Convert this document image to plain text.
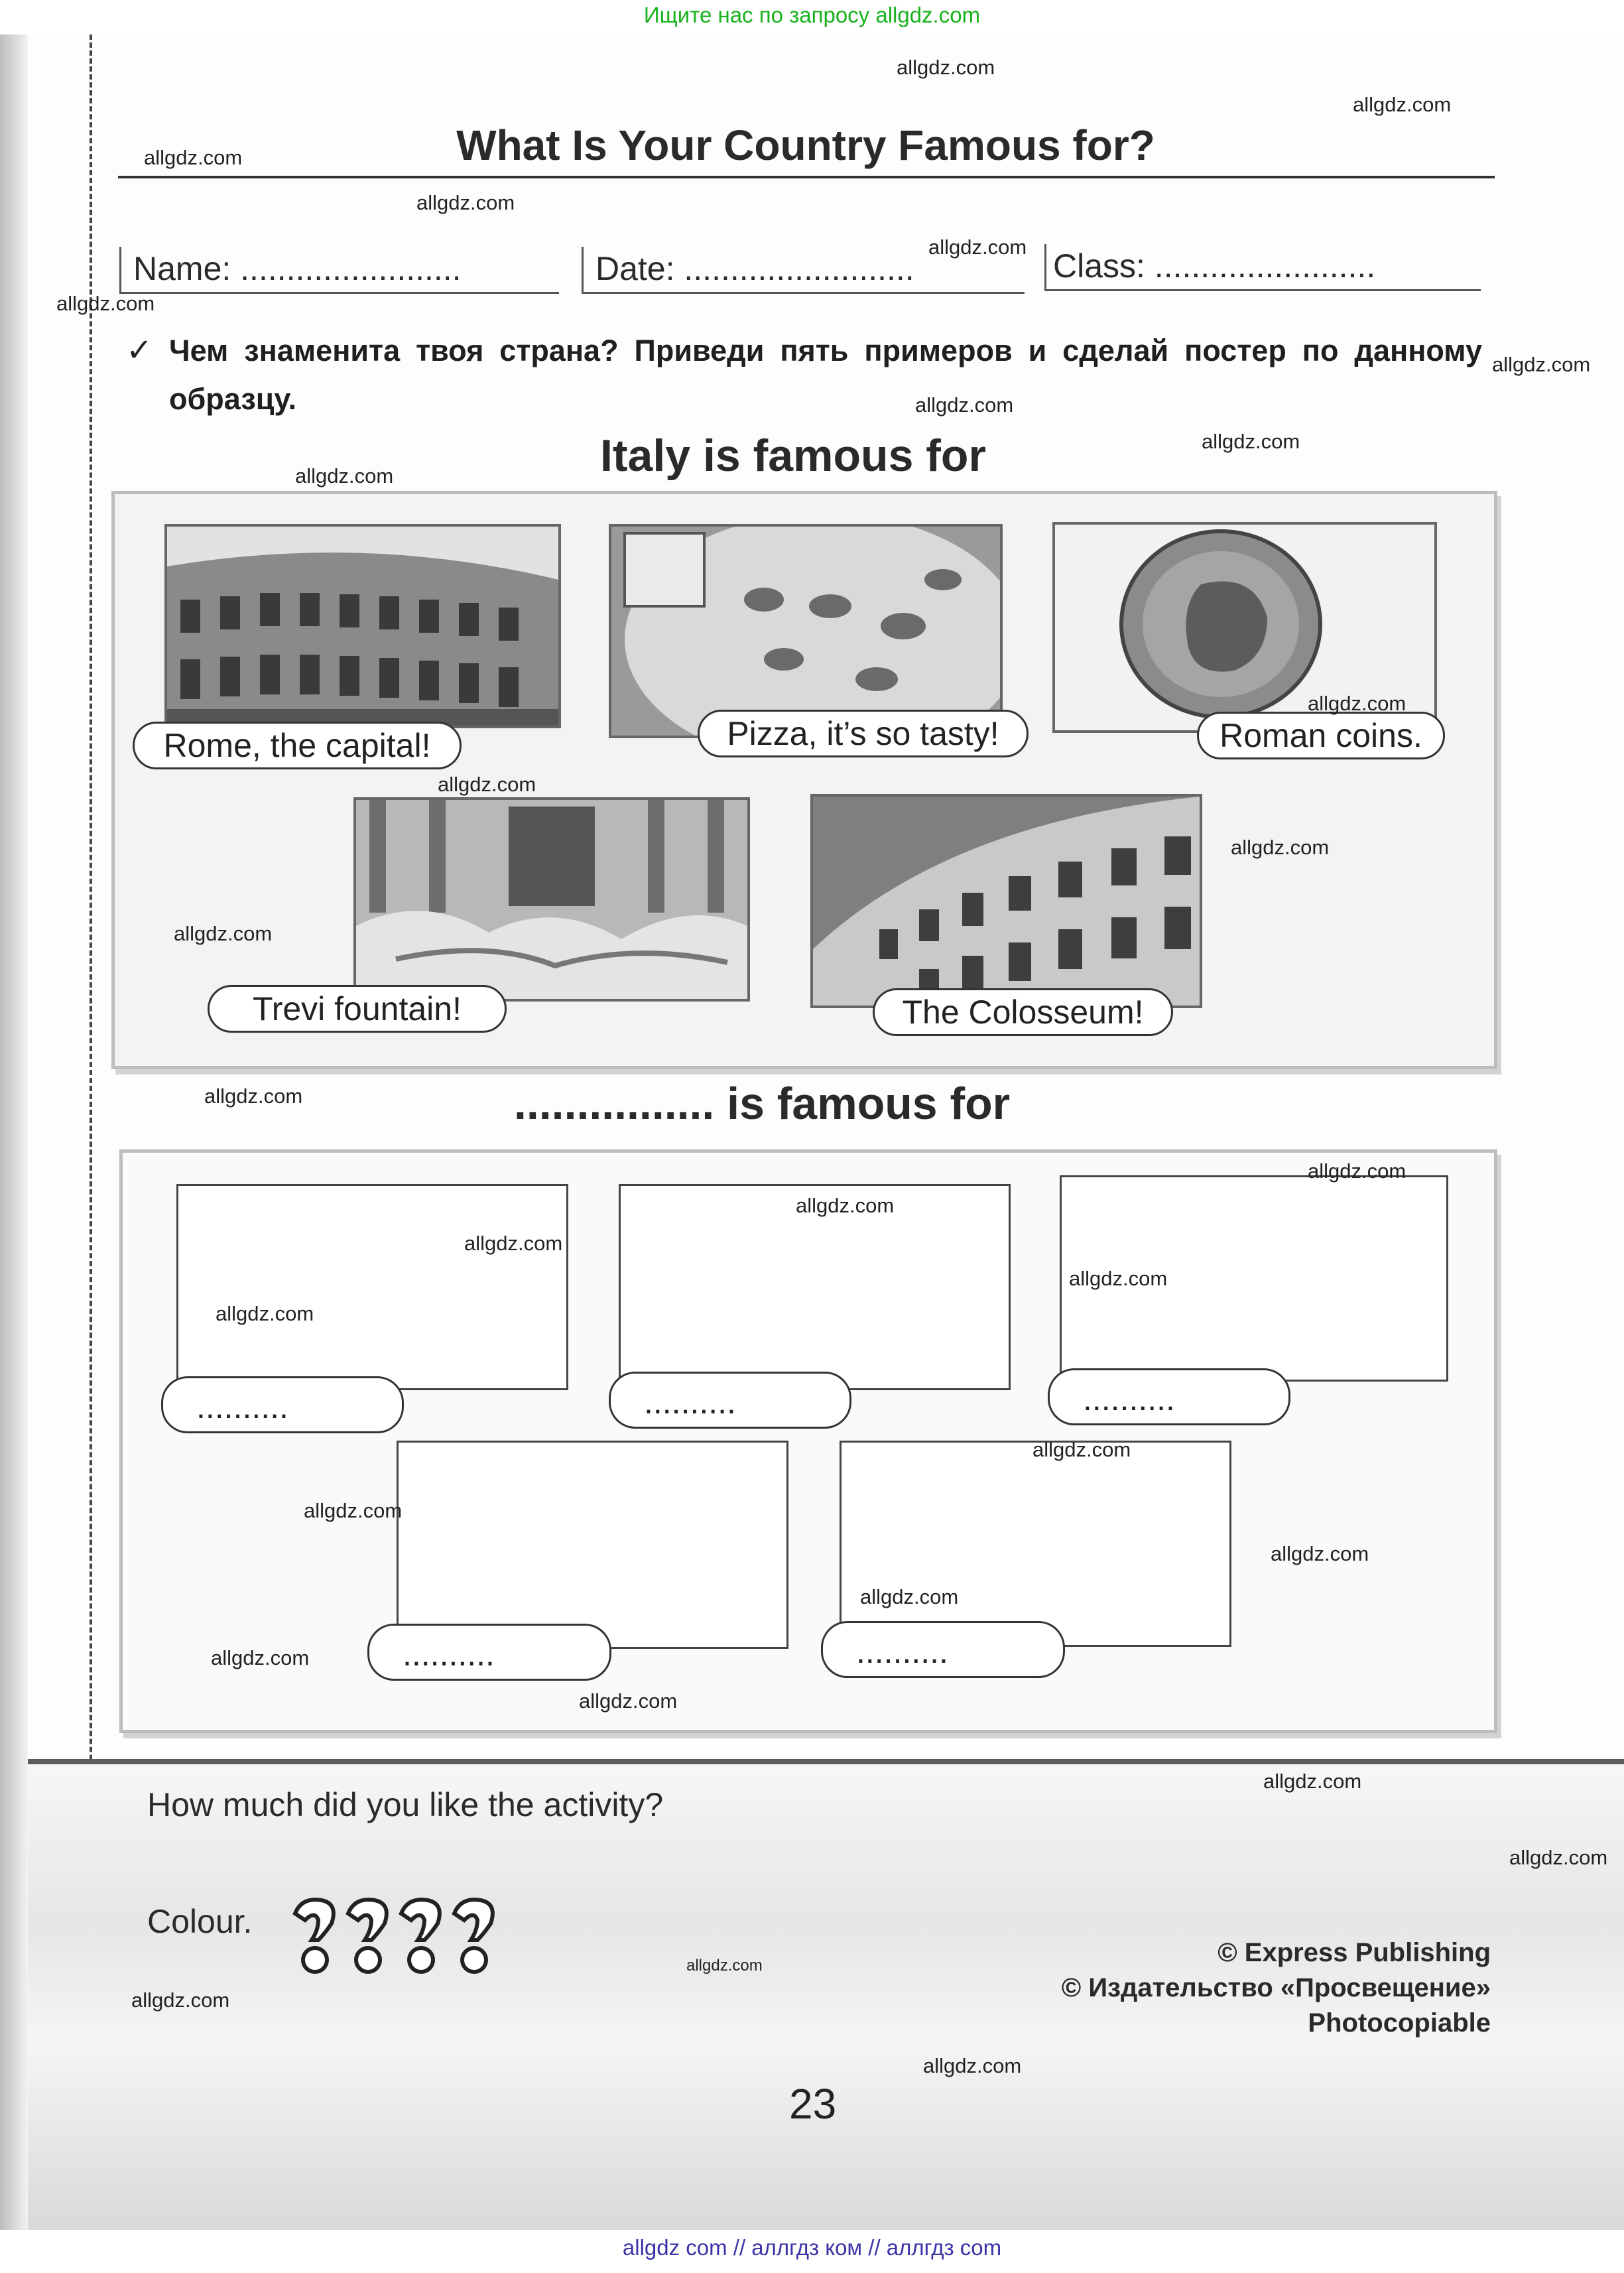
Ищите нас по запросу allgdz.com
What Is Your Country Famous for?
Name: ........................	Date: .........................	Class: ........................
✓ Чем знаменита твоя страна? Приведи пять примеров и сделай постер по данному образцу.
Italy is famous for
Rome, the capital!	Pizza, it’s so tasty!	Roman coins.
Trevi fountain!	The Colosseum!
................ is famous for
..........	..........	..........
..........	..........
How much did you like the activity?
Colour.
© Express Publishing
© Издательство «Просвещение»
Photocopiable
23
allgdz.com
allgdz.com
allgdz.com
allgdz.com
allgdz.com
allgdz.com
allgdz.com
allgdz.com
allgdz.com
allgdz.com
allgdz.com
allgdz.com
allgdz.com
allgdz.com
allgdz.com
allgdz.com
allgdz.com
allgdz.com
allgdz.com
allgdz.com
allgdz.com
allgdz.com
allgdz.com
allgdz.com
allgdz.com
allgdz.com
allgdz.com
allgdz.com
allgdz.com
allgdz.com
allgdz.com
allgdz com // аллгдз ком // аллгдз com
